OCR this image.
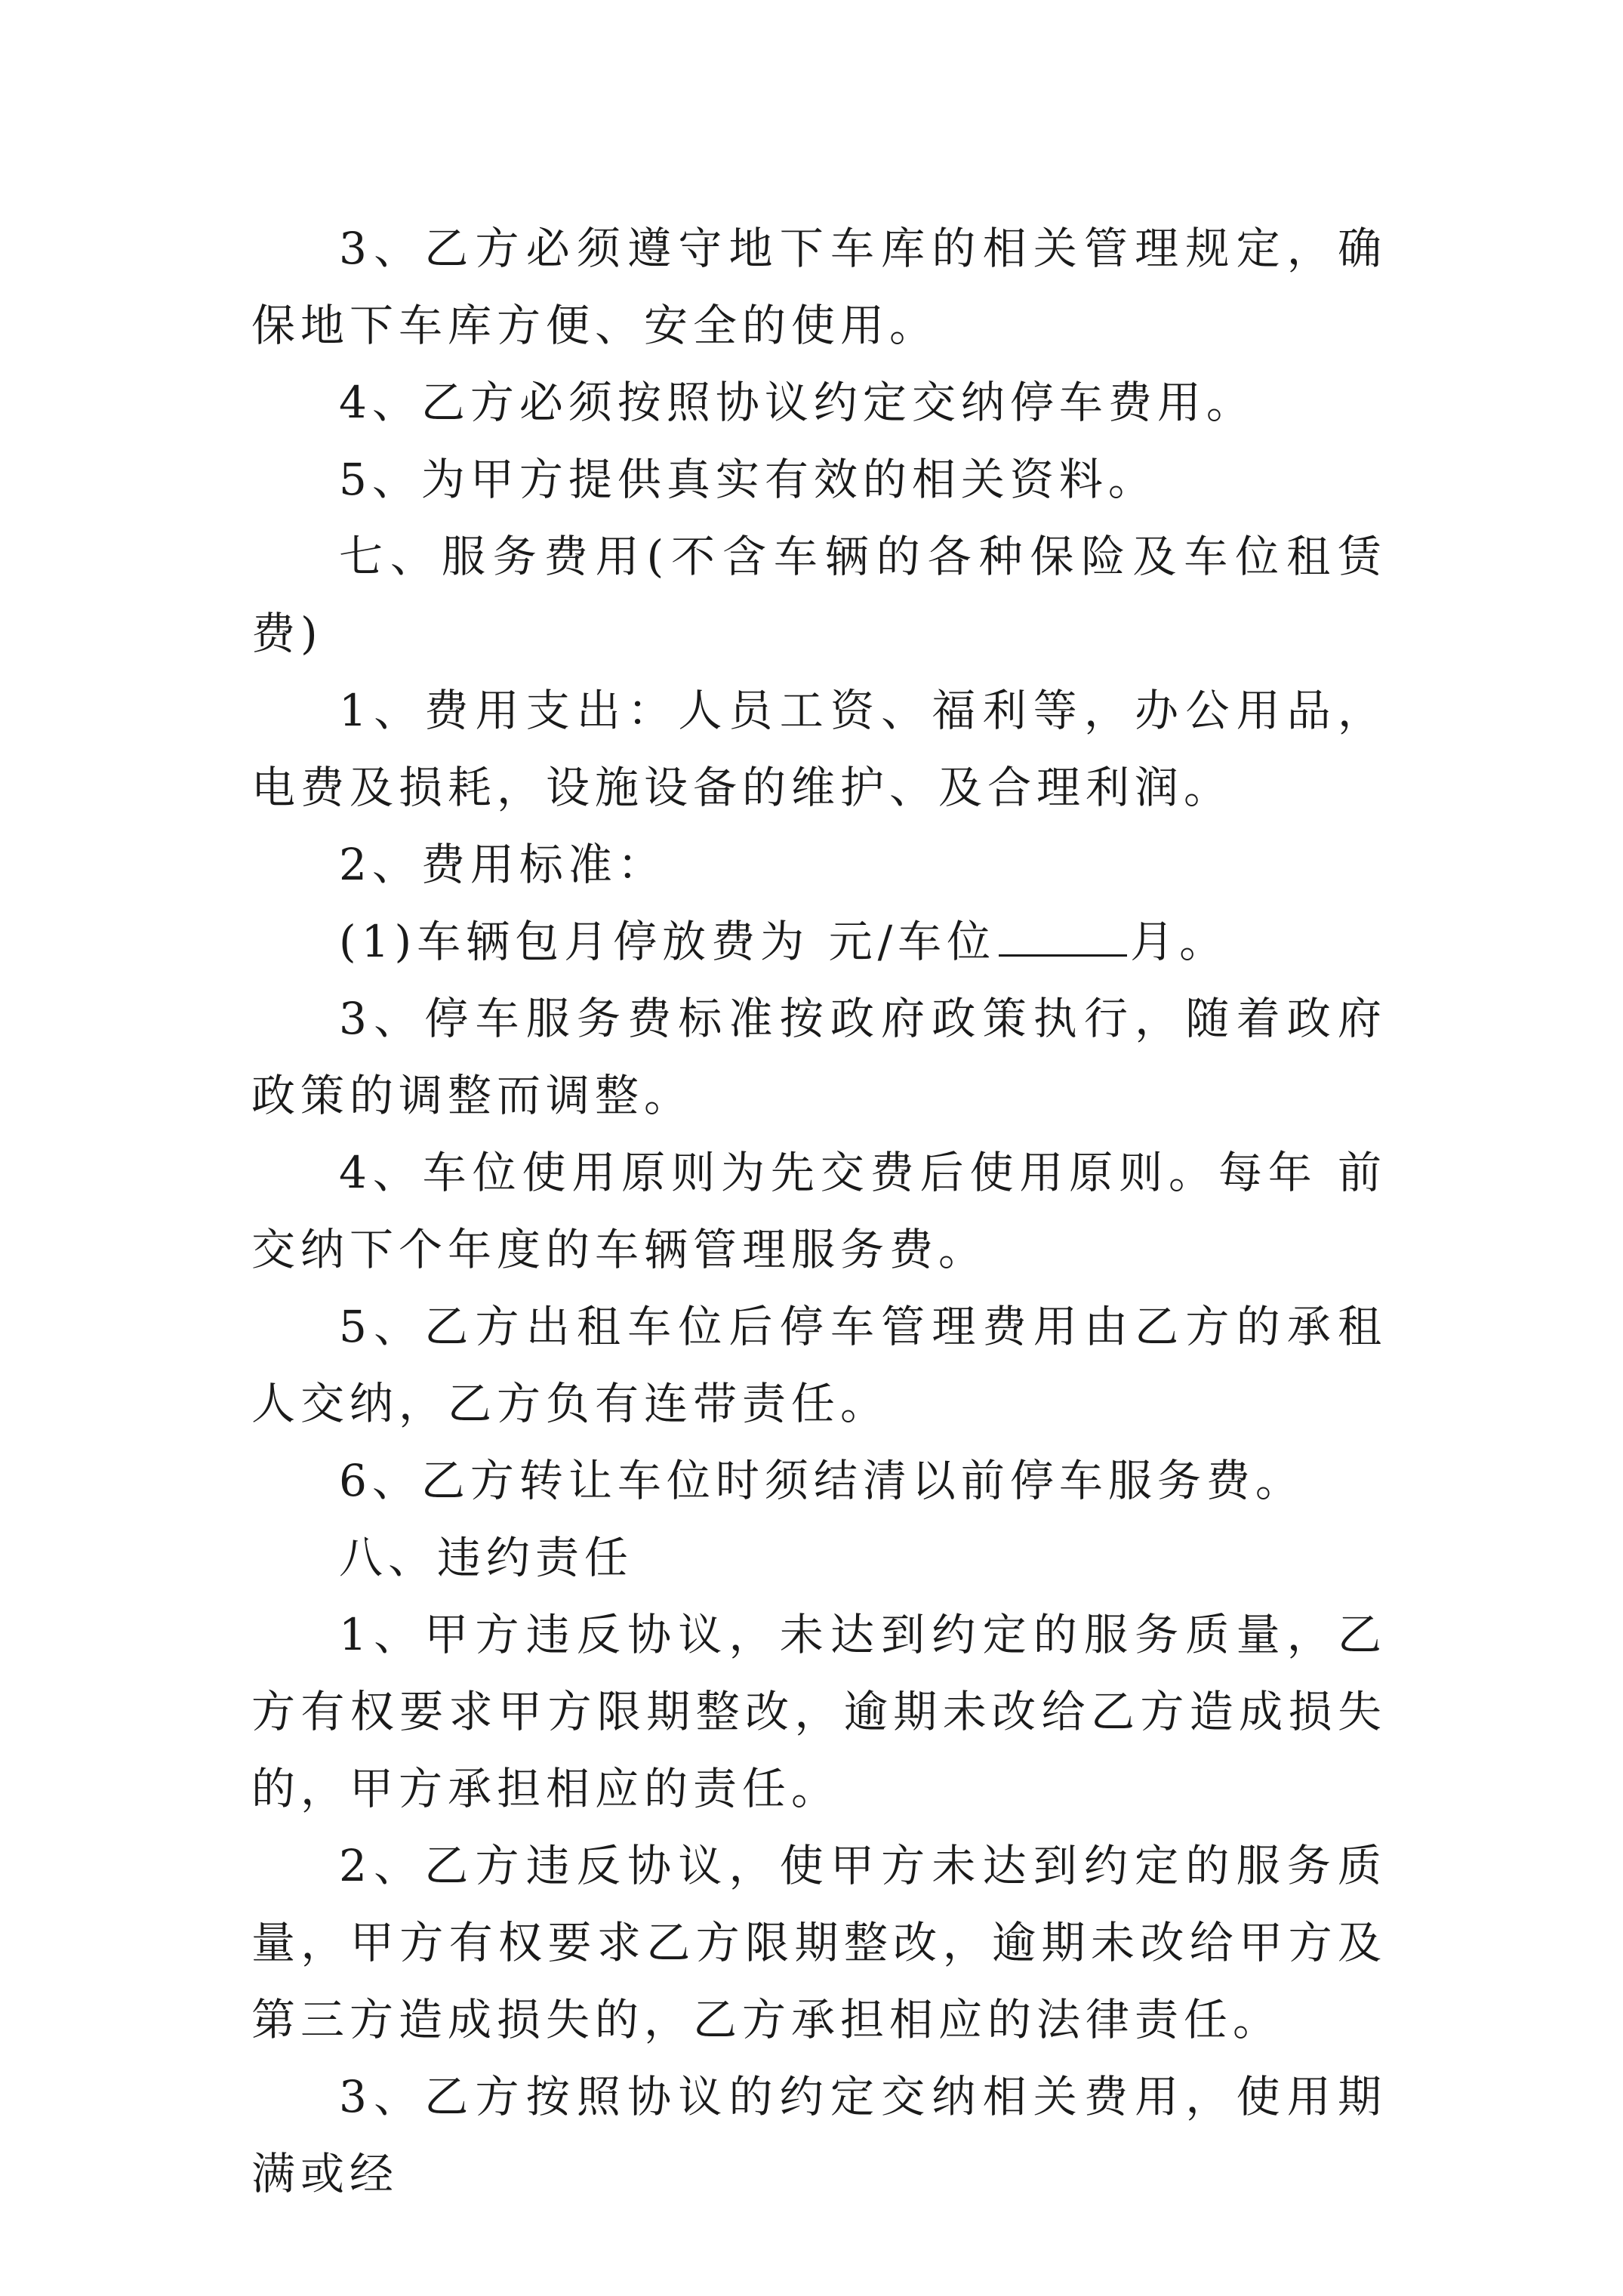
3、乙方必须遵守地下车库的相关管理规定，确保地下车库方便、安全的使用。

4、乙方必须按照协议约定交纳停车费用。

5、为甲方提供真实有效的相关资料。

七、服务费用(不含车辆的各种保险及车位租赁费)

1、费用支出：人员工资、福利等，办公用品，电费及损耗，设施设备的维护、及合理利润。

2、费用标准：

(1)车辆包月停放费为 元/车位	月。

3、停车服务费标准按政府政策执行，随着政府政策的调整而调整。

4、车位使用原则为先交费后使用原则。每年 前交纳下个年度的车辆管理服务费。

5、乙方出租车位后停车管理费用由乙方的承租人交纳，乙方负有连带责任。

6、乙方转让车位时须结清以前停车服务费。

八、违约责任

1、甲方违反协议，未达到约定的服务质量，乙方有权要求甲方限期整改，逾期未改给乙方造成损失的，甲方承担相应的责任。

2、乙方违反协议，使甲方未达到约定的服务质量，甲方有权要求乙方限期整改，逾期未改给甲方及第三方造成损失的，乙方承担相应的法律责任。

3、乙方按照协议的约定交纳相关费用，使用期满或经
